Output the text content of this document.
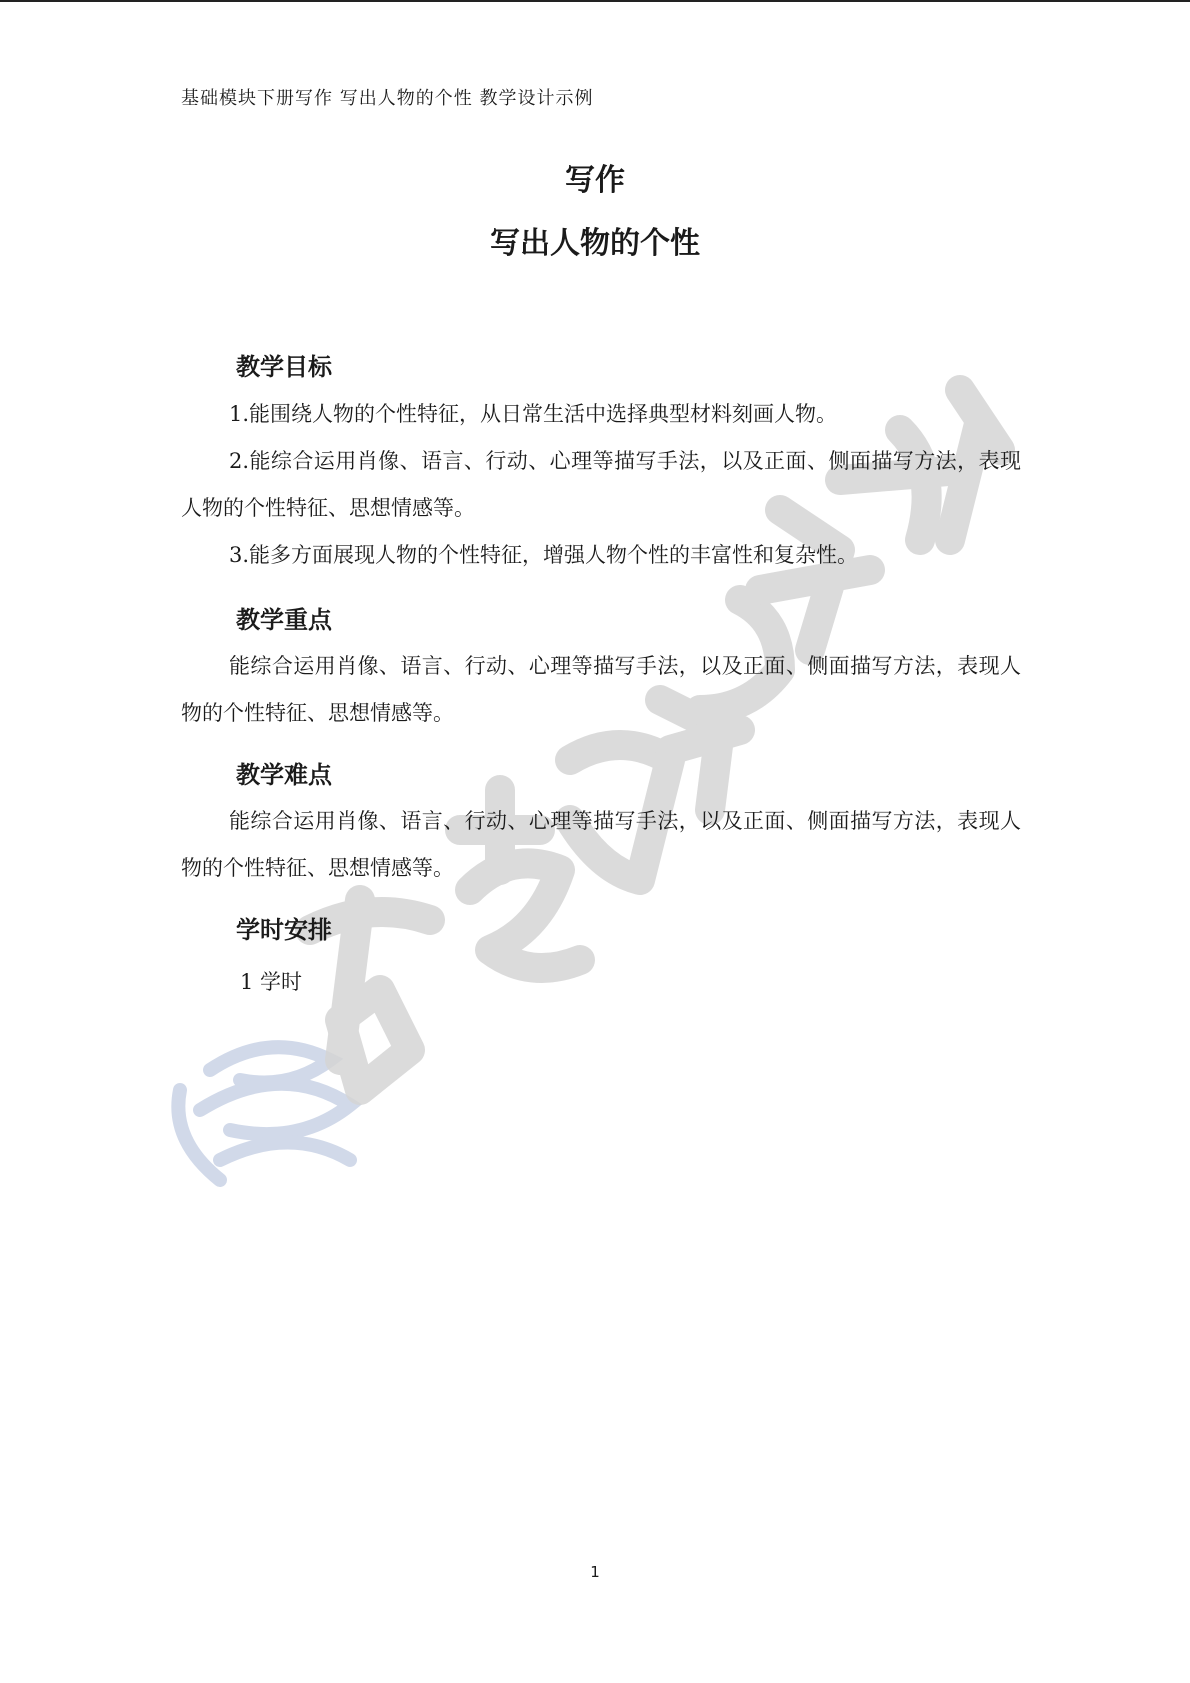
基础模块下册写作 写出人物的个性 教学设计示例
写作
写出人物的个性
教学目标

1.能围绕人物的个性特征，从日常生活中选择典型材料刻画人物。

2.能综合运用肖像、语言、行动、心理等描写手法，以及正面、侧面描写方法，表现人物的个性特征、思想情感等。

3.能多方面展现人物的个性特征，增强人物个性的丰富性和复杂性。

教学重点

能综合运用肖像、语言、行动、心理等描写手法，以及正面、侧面描写方法，表现人物的个性特征、思想情感等。

教学难点

能综合运用肖像、语言、行动、心理等描写手法，以及正面、侧面描写方法，表现人物的个性特征、思想情感等。

学时安排
1 学时
1
